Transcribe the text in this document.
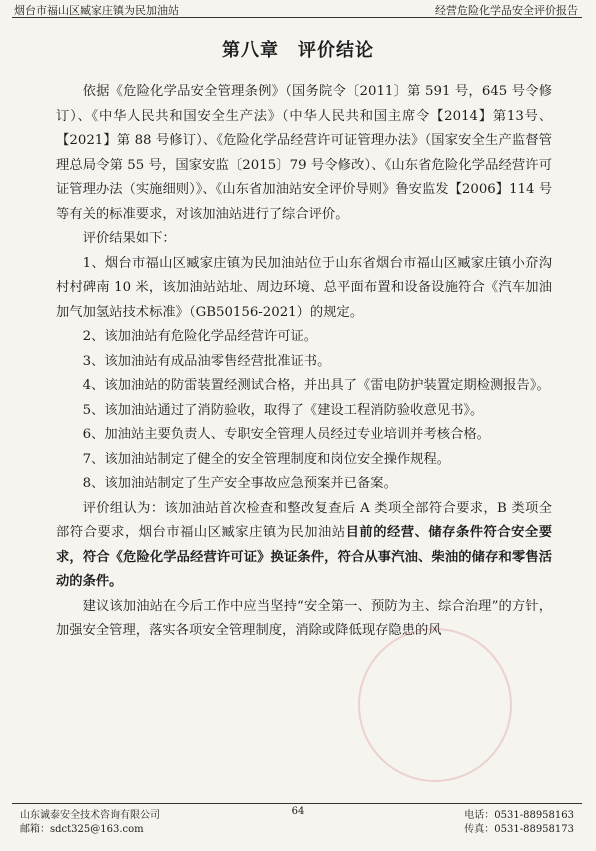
烟台市福山区臧家庄镇为民加油站	经营危险化学品安全评价报告
第八章　评价结论

依据《危险化学品安全管理条例》（国务院令〔2011〕第 591 号，645 号令修订）、《中华人民共和国安全生产法》（中华人民共和国主席令【2014】第13号、【2021】第 88 号修订）、《危险化学品经营许可证管理办法》（国家安全生产监督管理总局令第 55 号，国家安监〔2015〕79 号令修改）、《山东省危险化学品经营许可证管理办法（实施细则）》、《山东省加油站安全评价导则》鲁安监发【2006】114 号等有关的标准要求，对该加油站进行了综合评价。

评价结果如下：

1、烟台市福山区臧家庄镇为民加油站位于山东省烟台市福山区臧家庄镇小夼沟村村碑南 10 米，该加油站站址、周边环境、总平面布置和设备设施符合《汽车加油加气加氢站技术标准》（GB50156-2021）的规定。

2、该加油站有危险化学品经营许可证。

3、该加油站有成品油零售经营批准证书。

4、该加油站的防雷装置经测试合格，并出具了《雷电防护装置定期检测报告》。

5、该加油站通过了消防验收，取得了《建设工程消防验收意见书》。

6、加油站主要负责人、专职安全管理人员经过专业培训并考核合格。

7、该加油站制定了健全的安全管理制度和岗位安全操作规程。

8、该加油站制定了生产安全事故应急预案并已备案。

评价组认为：该加油站首次检查和整改复查后 A 类项全部符合要求，B 类项全部符合要求，烟台市福山区臧家庄镇为民加油站目前的经营、储存条件符合安全要求，符合《危险化学品经营许可证》换证条件，符合从事汽油、柴油的储存和零售活动的条件。

建议该加油站在今后工作中应当坚持“安全第一、预防为主、综合治理”的方针，加强安全管理，落实各项安全管理制度，消除或降低现存隐患的风

山东诚泰安全技术咨询有限公司
邮箱：sdct325@163.com
64	电话：0531-88958163
传真：0531-88958173
